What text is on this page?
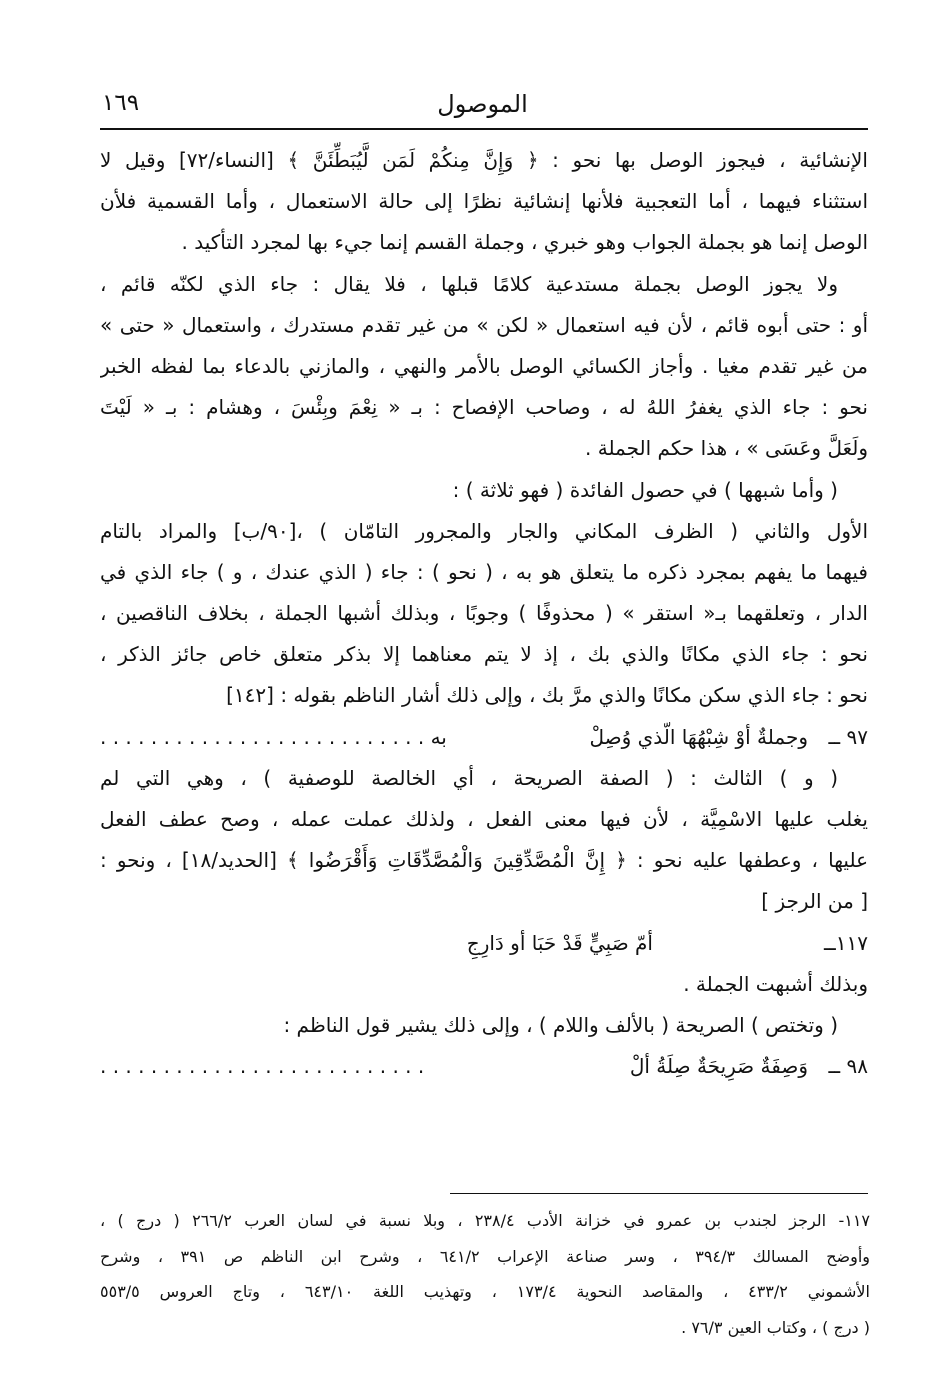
الموصول
١٦٩
الإنشائية ، فيجوز الوصل بها نحو : ﴿ وَإِنَّ مِنكُمْ لَمَن لَّيُبَطِّئَنَّ ﴾ [النساء/٧٢] وقيل لا
استثناء فيهما ، أما التعجبية فلأنها إنشائية نظرًا إلى حالة الاستعمال ، وأما القسمية فلأن
الوصل إنما هو بجملة الجواب وهو خبري ، وجملة القسم إنما جيء بها لمجرد التأكيد .
ولا يجوز الوصل بجملة مستدعية كلامًا قبلها ، فلا يقال : جاء الذي لكنّه قائم ،
أو : حتى أبوه قائم ، لأن فيه استعمال « لكن » من غير تقدم مستدرك ، واستعمال « حتى »
من غير تقدم مغيا . وأجاز الكسائي الوصل بالأمر والنهي ، والمازني بالدعاء بما لفظه الخبر
نحو : جاء الذي يغفرُ اللهُ له ، وصاحب الإفصاح : بـ « نِعْمَ وبِئْسَ ، وهشام : بـ « لَيْتَ
ولَعَلَّ وعَسَى » ، هذا حكم الجملة .
( وأما شبهها ) في حصول الفائدة ( فهو ثلاثة ) :
الأول والثاني ( الظرف المكاني والجار والمجرور التامّان ) ،[٩٠/ب] والمراد بالتام
فيهما ما يفهم بمجرد ذكره ما يتعلق هو به ، ( نحو ) : جاء ( الذي عندك ، و ) جاء الذي في
الدار ، وتعلقهما بـ« استقر » ( محذوفًا ) وجوبًا ، وبذلك أشبها الجملة ، بخلاف الناقصين ،
نحو : جاء الذي مكانًا والذي بك ، إذ لا يتم معناهما إلا بذكر متعلق خاص جائز الذكر ،
نحو : جاء الذي سكن مكانًا والذي مرَّ بك ، وإلى ذلك أشار الناظم بقوله : [١٤٢]
٩٧ ــ
وجملةٌ أوْ شِبْهُهَا الّذي وُصِلْ
به . . . . . . . . . . . . . . . . . . . . . . . . . .
( و ) الثالث : ( الصفة الصريحة ، أي الخالصة للوصفية ) ، وهي التي لم
يغلب عليها الاسْمِيَّة ، لأن فيها معنى الفعل ، ولذلك عملت عمله ، وصح عطف الفعل
عليها ، وعطفها عليه نحو : ﴿ إِنَّ الْمُصَّدِّقِينَ وَالْمُصَّدِّقَاتِ وَأَقْرَضُوا ﴾ [الحديد/١٨] ، ونحو :
[ من الرجز ]
١١٧ــ
أمّ صَبِيٍّ قَدْ حَبَا أو دَارِجِ
وبذلك أشبهت الجملة .
( وتختص ) الصريحة ( بالألف واللام ) ، وإلى ذلك يشير قول الناظم :
٩٨ ــ
وَصِفَةٌ صَرِيحَةٌ صِلَةُ ألْ
. . . . . . . . . . . . . . . . . . . . . . . . . .
١١٧- الرجز لجندب بن عمرو في خزانة الأدب ٢٣٨/٤ ، وبلا نسبة في لسان العرب ٢٦٦/٢ ( درج ) ،
وأوضح المسالك ٣٩٤/٣ ، وسر صناعة الإعراب ٦٤١/٢ ، وشرح ابن الناظم ص ٣٩١ ، وشرح
الأشموني ٤٣٣/٢ ، والمقاصد النحوية ١٧٣/٤ ، وتهذيب اللغة ٦٤٣/١٠ ، وتاج العروس ٥٥٣/٥
( درج ) ، وكتاب العين ٧٦/٣ .
